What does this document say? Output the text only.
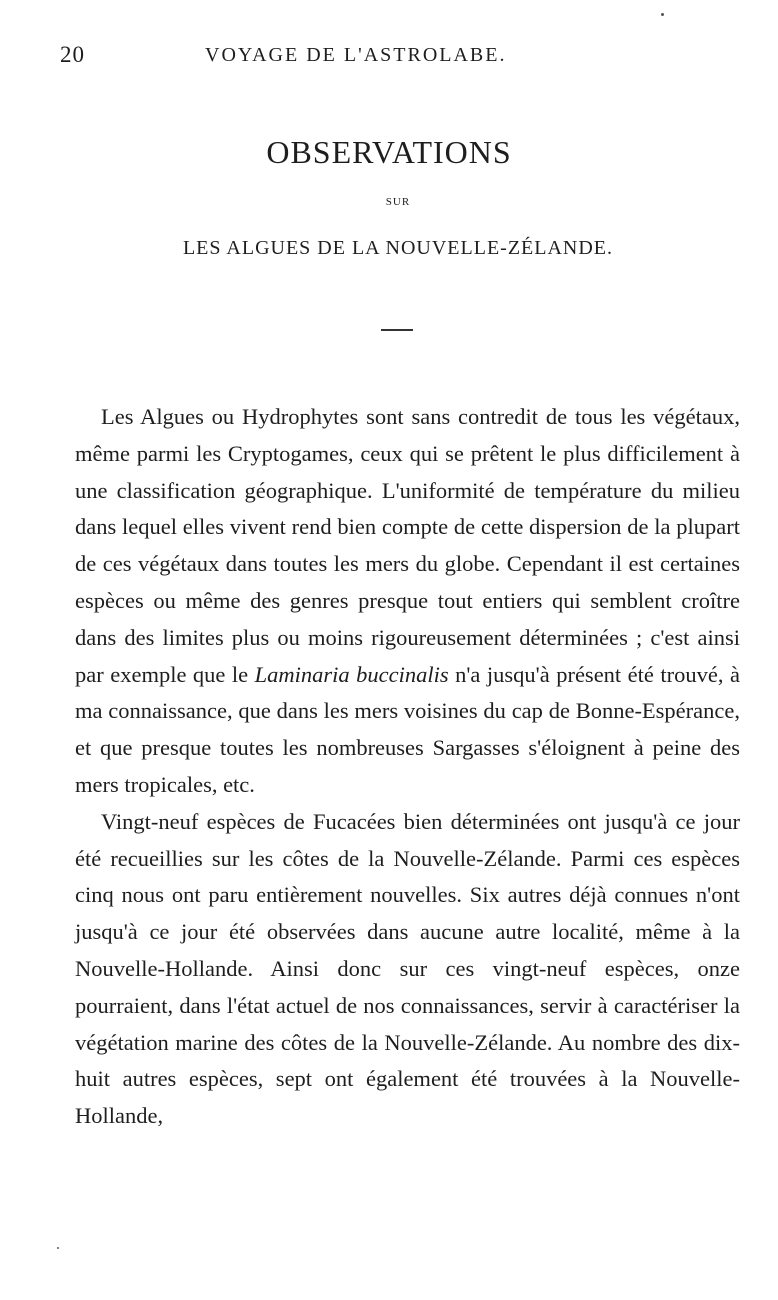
20	VOYAGE DE L'ASTROLABE.
OBSERVATIONS
SUR
LES ALGUES DE LA NOUVELLE-ZÉLANDE.

Les Algues ou Hydrophytes sont sans contredit de tous les végétaux, même parmi les Cryptogames, ceux qui se prêtent le plus difficilement à une classification géographique. L'uniformité de température du milieu dans lequel elles vivent rend bien compte de cette dispersion de la plupart de ces végétaux dans toutes les mers du globe. Cependant il est certaines espèces ou même des genres presque tout entiers qui semblent croître dans des limites plus ou moins rigoureusement déterminées ; c'est ainsi par exemple que le Laminaria buccinalis n'a jusqu'à présent été trouvé, à ma connaissance, que dans les mers voisines du cap de Bonne-Espérance, et que presque toutes les nombreuses Sargasses s'éloignent à peine des mers tropicales, etc.

Vingt-neuf espèces de Fucacées bien déterminées ont jusqu'à ce jour été recueillies sur les côtes de la Nouvelle-Zélande. Parmi ces espèces cinq nous ont paru entièrement nouvelles. Six autres déjà connues n'ont jusqu'à ce jour été observées dans aucune autre localité, même à la Nouvelle-Hollande. Ainsi donc sur ces vingt-neuf espèces, onze pourraient, dans l'état actuel de nos connaissances, servir à caractériser la végétation marine des côtes de la Nouvelle-Zélande. Au nombre des dix-huit autres espèces, sept ont également été trouvées à la Nouvelle-Hollande,
